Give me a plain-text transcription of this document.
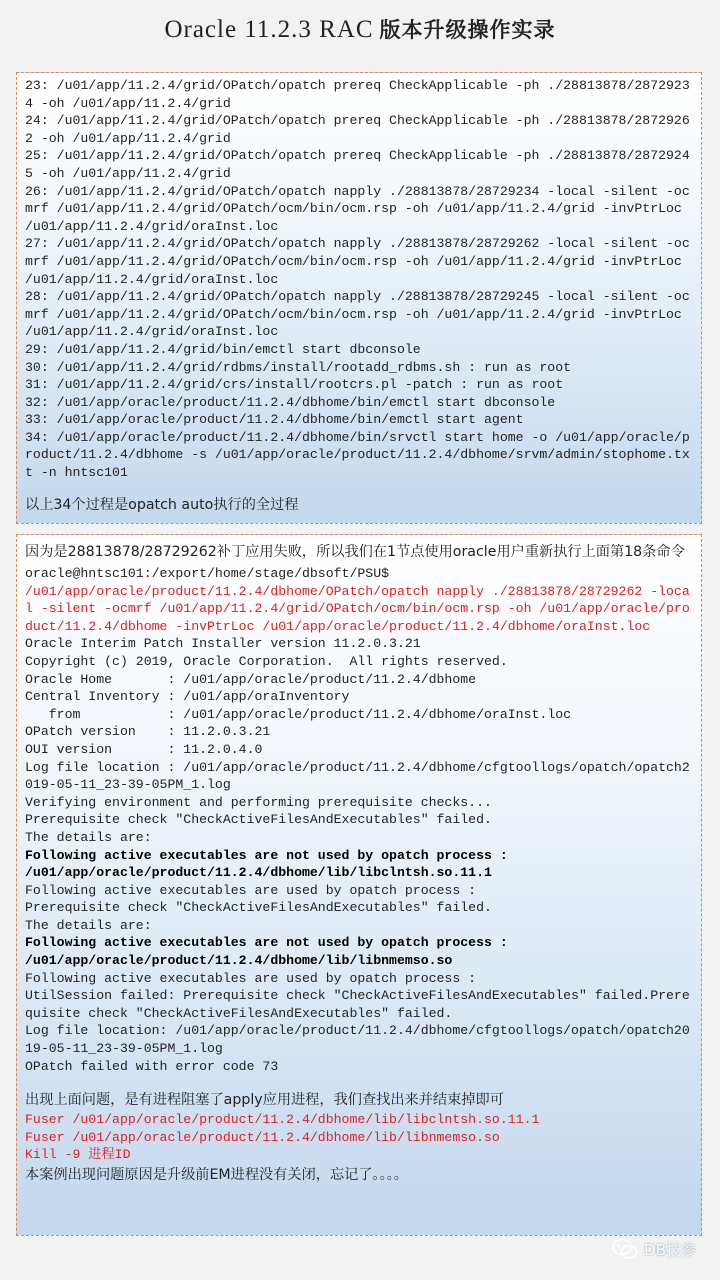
Oracle 11.2.3 RAC 版本升级操作实录
23: /u01/app/11.2.4/grid/OPatch/opatch prereq CheckApplicable -ph ./28813878/28729234 -oh /u01/app/11.2.4/grid
24: /u01/app/11.2.4/grid/OPatch/opatch prereq CheckApplicable -ph ./28813878/28729262 -oh /u01/app/11.2.4/grid
25: /u01/app/11.2.4/grid/OPatch/opatch prereq CheckApplicable -ph ./28813878/28729245 -oh /u01/app/11.2.4/grid
26: /u01/app/11.2.4/grid/OPatch/opatch napply ./28813878/28729234 -local -silent -ocmrf /u01/app/11.2.4/grid/OPatch/ocm/bin/ocm.rsp -oh /u01/app/11.2.4/grid -invPtrLoc /u01/app/11.2.4/grid/oraInst.loc
27: /u01/app/11.2.4/grid/OPatch/opatch napply ./28813878/28729262 -local -silent -ocmrf /u01/app/11.2.4/grid/OPatch/ocm/bin/ocm.rsp -oh /u01/app/11.2.4/grid -invPtrLoc /u01/app/11.2.4/grid/oraInst.loc
28: /u01/app/11.2.4/grid/OPatch/opatch napply ./28813878/28729245 -local -silent -ocmrf /u01/app/11.2.4/grid/OPatch/ocm/bin/ocm.rsp -oh /u01/app/11.2.4/grid -invPtrLoc /u01/app/11.2.4/grid/oraInst.loc
29: /u01/app/11.2.4/grid/bin/emctl start dbconsole
30: /u01/app/11.2.4/grid/rdbms/install/rootadd_rdbms.sh : run as root
31: /u01/app/11.2.4/grid/crs/install/rootcrs.pl -patch : run as root
32: /u01/app/oracle/product/11.2.4/dbhome/bin/emctl start dbconsole
33: /u01/app/oracle/product/11.2.4/dbhome/bin/emctl start agent
34: /u01/app/oracle/product/11.2.4/dbhome/bin/srvctl start home -o /u01/app/oracle/product/11.2.4/dbhome -s /u01/app/oracle/product/11.2.4/dbhome/srvm/admin/stophome.txt -n hntsc101

以上34个过程是opatch auto执行的全过程

因为是28813878/28729262补丁应用失败，所以我们在1节点使用oracle用户重新执行上面第18条命令

oracle@hntsc101:/export/home/stage/dbsoft/PSU$
/u01/app/oracle/product/11.2.4/dbhome/OPatch/opatch napply ./28813878/28729262 -local -silent -ocmrf /u01/app/11.2.4/grid/OPatch/ocm/bin/ocm.rsp -oh /u01/app/oracle/product/11.2.4/dbhome -invPtrLoc /u01/app/oracle/product/11.2.4/dbhome/oraInst.loc
Oracle Interim Patch Installer version 11.2.0.3.21
Copyright (c) 2019, Oracle Corporation.  All rights reserved.
Oracle Home       : /u01/app/oracle/product/11.2.4/dbhome
Central Inventory : /u01/app/oraInventory
from           : /u01/app/oracle/product/11.2.4/dbhome/oraInst.loc
OPatch version    : 11.2.0.3.21
OUI version       : 11.2.0.4.0
Log file location : /u01/app/oracle/product/11.2.4/dbhome/cfgtoollogs/opatch/opatch2019-05-11_23-39-05PM_1.log
Verifying environment and performing prerequisite checks...
Prerequisite check "CheckActiveFilesAndExecutables" failed.
The details are:
Following active executables are not used by opatch process :
/u01/app/oracle/product/11.2.4/dbhome/lib/libclntsh.so.11.1
Following active executables are used by opatch process :
Prerequisite check "CheckActiveFilesAndExecutables" failed.
The details are:
Following active executables are not used by opatch process :
/u01/app/oracle/product/11.2.4/dbhome/lib/libnmemso.so
Following active executables are used by opatch process :
UtilSession failed: Prerequisite check "CheckActiveFilesAndExecutables" failed.Prerequisite check "CheckActiveFilesAndExecutables" failed.
Log file location: /u01/app/oracle/product/11.2.4/dbhome/cfgtoollogs/opatch/opatch2019-05-11_23-39-05PM_1.log
OPatch failed with error code 73

出现上面问题，是有进程阻塞了apply应用进程，我们查找出来并结束掉即可

Fuser /u01/app/oracle/product/11.2.4/dbhome/lib/libclntsh.so.11.1
Fuser /u01/app/oracle/product/11.2.4/dbhome/lib/libnmemso.so
Kill -9 进程ID

本案例出现问题原因是升级前EM进程没有关闭，忘记了。。。。

DB技参
